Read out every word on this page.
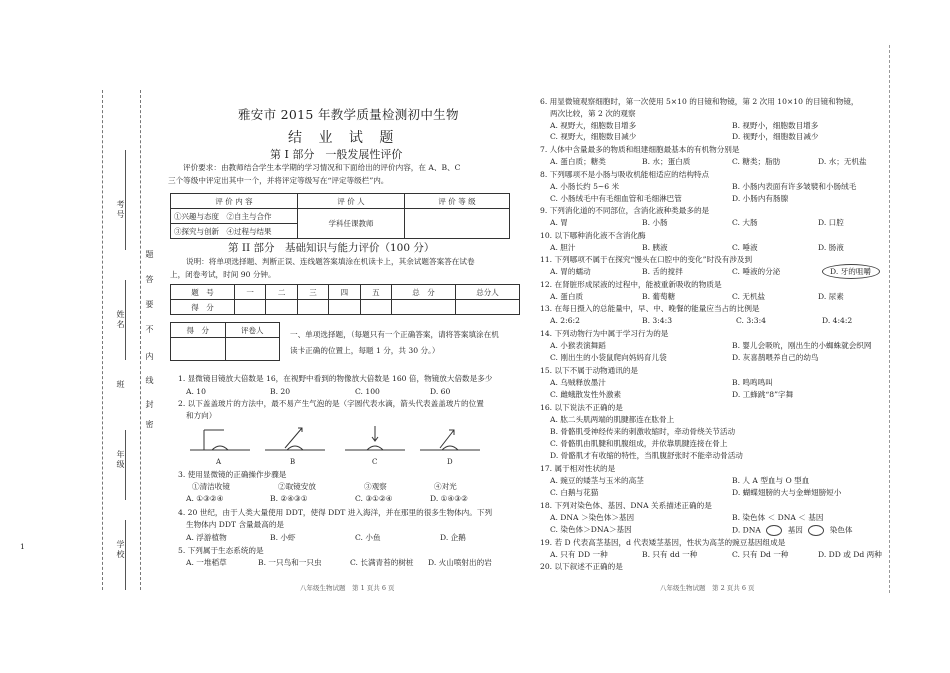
考号
姓名
班
年级
学校
密
封
线
内
不
要
答
题
1
雅安市 2015 年教学质量检测初中生物
结 业 试 题
第 I 部分　一般发展性评价
评价要求：由教师结合学生本学期的学习情况和下面给出的评价内容，在 A、B、C
三个等级中评定出其中一个，并将评定等级写在“评定等级栏”内。
评 价 内 容	评 价 人	评 价 等 级
①兴趣与态度　②自主与合作	学科任课教师	
③探究与创新　④过程与结果		
第 II 部分　基础知识与能力评价（100 分）
说明：将单项选择题、判断正误、连线题答案填涂在机读卡上，其余试题答案答在试卷
上，闭卷考试，时间 90 分钟。
题　号	一	二	三	四	五	总　分	总分人
得　分							
得　分	评卷人
		一、单项选择题，（每题只有一个正确答案，请将答案填涂在机
读卡正确的位置上，每题 1 分，共 30 分。）
1. 显微镜目镜放大倍数是 16，在视野中看到的物像放大倍数是 160 倍，物镜放大倍数是多少
A. 10	B. 20	C. 100	D. 60
2. 以下盖盖玻片的方法中，最不易产生气泡的是（字圆代表水滴，箭头代表盖盖玻片的位置
和方向）
A	B	C	D
3. 使用显微镜的正确操作步骤是
①清洁收镜	②取镜安放	③观察	④对光
A. ①③②④	B. ②④③①	C. ③①②④	D. ①④③②
4. 20 世纪，由于人类大量使用 DDT，使得 DDT 进入海洋，并在那里的很多生物体内。下列
生物体内 DDT 含量最高的是
A. 浮游植物	B. 小虾	C. 小鱼	D. 企鹅
5. 下列属于生态系统的是
A. 一堆稻草	B. 一只鸟和一只虫	C. 长满青苔的树桩 D. 火山喷射出的岩
八年级生物试题　第 1 页共 6 页
6. 用显微镜观察细胞时，第一次使用 5×10 的目镜和物镜，第 2 次用 10×10 的目镜和物镜，
两次比较，第 2 次的观察
A. 视野大，细胞数目增多	B. 视野小，细胞数目增多
C. 视野大，细胞数目减少	D. 视野小，细胞数目减少
7. 人体中含量最多的物质和组建细胞最基本的有机物分别是
A. 蛋白质；糖类	B. 水；蛋白质	C. 糖类；脂肪	D. 水；无机盐
8. 下列哪项不是小肠与吸收机能相适应的结构特点
A. 小肠长约 5~6 米	B. 小肠内表面有许多皱襞和小肠绒毛
C. 小肠绒毛中有毛细血管和毛细淋巴管	D. 小肠内有肠腺
9. 下列消化道的不同部位，含消化液种类最多的是
A. 胃	B. 小肠	C. 大肠	D. 口腔
10. 以下哪种消化液不含消化酶
A. 胆汁	B. 胰液	C. 唾液	D. 肠液
11. 下列哪项不属于在探究“馒头在口腔中的变化”时没有涉及到
A. 胃的蠕动	B. 舌的搅拌	C. 唾液的分泌	D. 牙的咀嚼
12. 在肾脏形成尿液的过程中，能被重新吸收的物质是
A. 蛋白质	B. 葡萄糖	C. 无机盐	D. 尿素
13. 在每日摄入的总能量中，早、中、晚餐的能量应当占的比例是
A. 2:6:2	B. 3:4:3	C. 3:3:4	D. 4:4:2
14. 下列动物行为中属于学习行为的是
A. 小猴表演舞蹈	B. 婴儿会吸吮，刚出生的小蜘蛛就会织网
C. 刚出生的小袋鼠爬向妈妈育儿袋	D. 灰喜鹊喂养自己的幼鸟
15. 以下不属于动物通讯的是
A. 乌贼释放墨汁	B. 鸣鸣鸣叫
C. 雌蛾散发性外激素	D. 工蜂跳“8”字舞
16. 以下说法不正确的是
A. 肱二头肌两端的肌腱都连在肱骨上
B. 骨骼肌受神经传来的刺激收缩时，牵动骨绕关节活动
C. 骨骼肌由肌腱和肌腹组成，并依靠肌腱连接在骨上
D. 骨骼肌才有收缩的特性，当肌腹舒张时不能牵动骨活动
17. 属于相对性状的是
A. 豌豆的矮茎与玉米的高茎	B. 人 A 型血与 O 型血
C. 白鹅与花猫	D. 蝴蝶翅膀的大与金蝉翅膀短小
18. 下列对染色体、基因、DNA 关系描述正确的是
A. DNA ＞染色体＞基因	B. 染色体 ＜ DNA ＜ 基因
C. 染色体＞DNA＞基因	D. DNA	基因	染色体
19. 若 D 代表高茎基因，d 代表矮茎基因，性状为高茎的豌豆基因组成是
A. 只有 DD 一种	B. 只有 dd 一种	C. 只有 Dd 一种	D. DD 或 Dd 两种
20. 以下叙述不正确的是
八年级生物试题　第 2 页共 6 页
